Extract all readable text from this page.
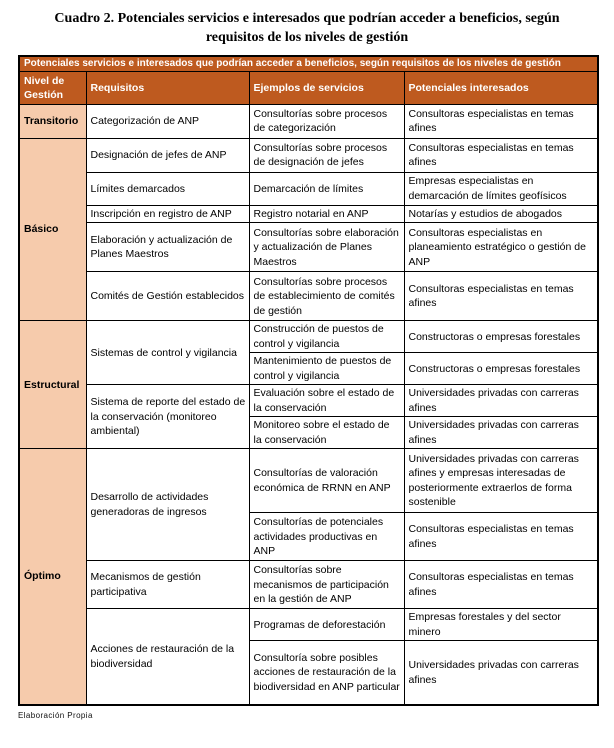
Cuadro 2. Potenciales servicios e interesados que podrían acceder a beneficios, según requisitos de los niveles de gestión
Potenciales servicios e interesados que podrían acceder a beneficios, según requisitos de los niveles de gestión			
Nivel de Gestión	Requisitos	Ejemplos de servicios	Potenciales interesados
Transitorio	Categorización de ANP	Consultorías sobre procesos de categorización	Consultoras especialistas en temas afines
Básico	Designación de jefes de ANP	Consultorías sobre procesos de designación de jefes	Consultoras especialistas en temas afines
	Límites demarcados	Demarcación de límites	Empresas especialistas en demarcación de límites geofísicos
	Inscripción en registro de ANP	Registro notarial en ANP	Notarías y estudios de abogados
	Elaboración y actualización de Planes Maestros	Consultorías sobre elaboración y actualización de Planes Maestros	Consultoras especialistas en planeamiento estratégico o gestión de ANP
	Comités de Gestión establecidos	Consultorías sobre procesos de establecimiento de comités de gestión	Consultoras especialistas en temas afines
Estructural	Sistemas de control y vigilancia	Construcción de puestos de control y vigilancia	Constructoras o empresas forestales
		Mantenimiento de puestos de control y vigilancia	Constructoras o empresas forestales
	Sistema de reporte del estado de la conservación (monitoreo ambiental)	Evaluación sobre el estado de la conservación	Universidades privadas con carreras afines
		Monitoreo sobre el estado de la conservación	Universidades privadas con carreras afines
Óptimo	Desarrollo de actividades generadoras de ingresos	Consultorías de valoración económica de RRNN en ANP	Universidades privadas con carreras afines y empresas interesadas de posteriormente extraerlos de forma sostenible
		Consultorías de potenciales actividades productivas en ANP	Consultoras especialistas en temas afines
	Mecanismos de gestión participativa	Consultorías sobre mecanismos de participación en la gestión de ANP	Consultoras especialistas en temas afines
	Acciones de restauración de la biodiversidad	Programas de deforestación	Empresas forestales y del sector minero
		Consultoría sobre posibles acciones de restauración de la biodiversidad en ANP particular	Universidades privadas con carreras afines
Elaboración Propia
